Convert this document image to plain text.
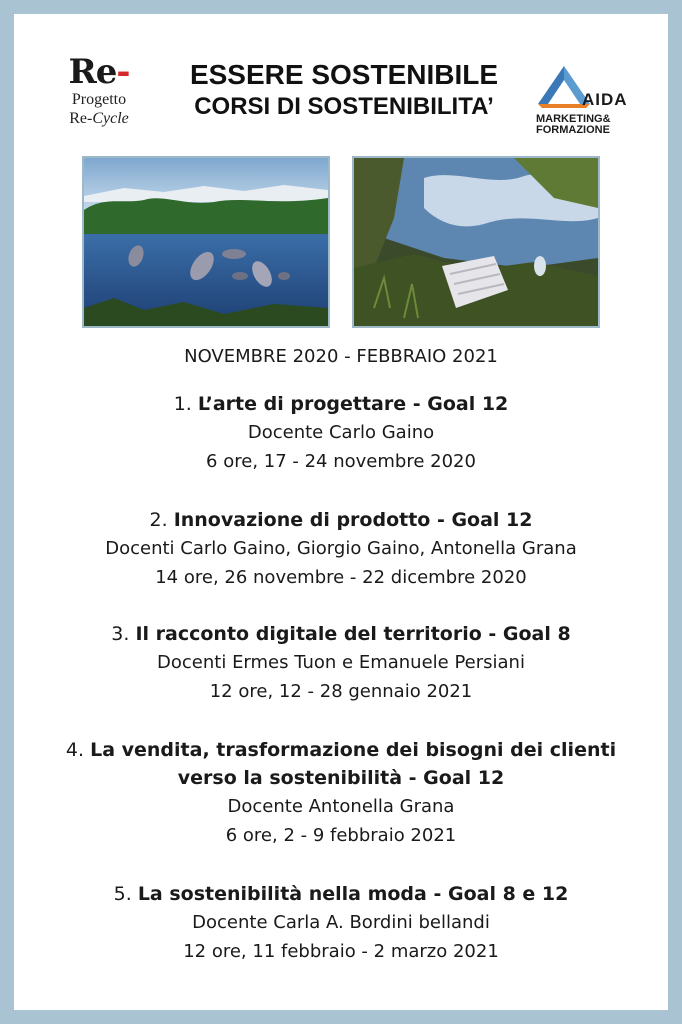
Re-
Progetto
Re-Cycle
ESSERE SOSTENIBILE
CORSI DI SOSTENIBILITA’	AIDA
MARKETING&
FORMAZIONE
NOVEMBRE 2020 - FEBBRAIO 2021
1. L’arte di progettare - Goal 12
Docente Carlo Gaino
6 ore, 17 - 24 novembre 2020
2. Innovazione di prodotto - Goal 12
Docenti Carlo Gaino, Giorgio Gaino, Antonella Grana
14 ore, 26 novembre - 22 dicembre 2020
3. Il racconto digitale del territorio - Goal 8
Docenti Ermes Tuon e Emanuele Persiani
12 ore, 12 - 28 gennaio 2021
4. La vendita, trasformazione dei bisogni dei clienti
verso la sostenibilità - Goal 12
Docente Antonella Grana
6 ore, 2 - 9 febbraio 2021
5. La sostenibilità nella moda - Goal 8 e 12
Docente Carla A. Bordini bellandi
12 ore, 11 febbraio - 2 marzo 2021
